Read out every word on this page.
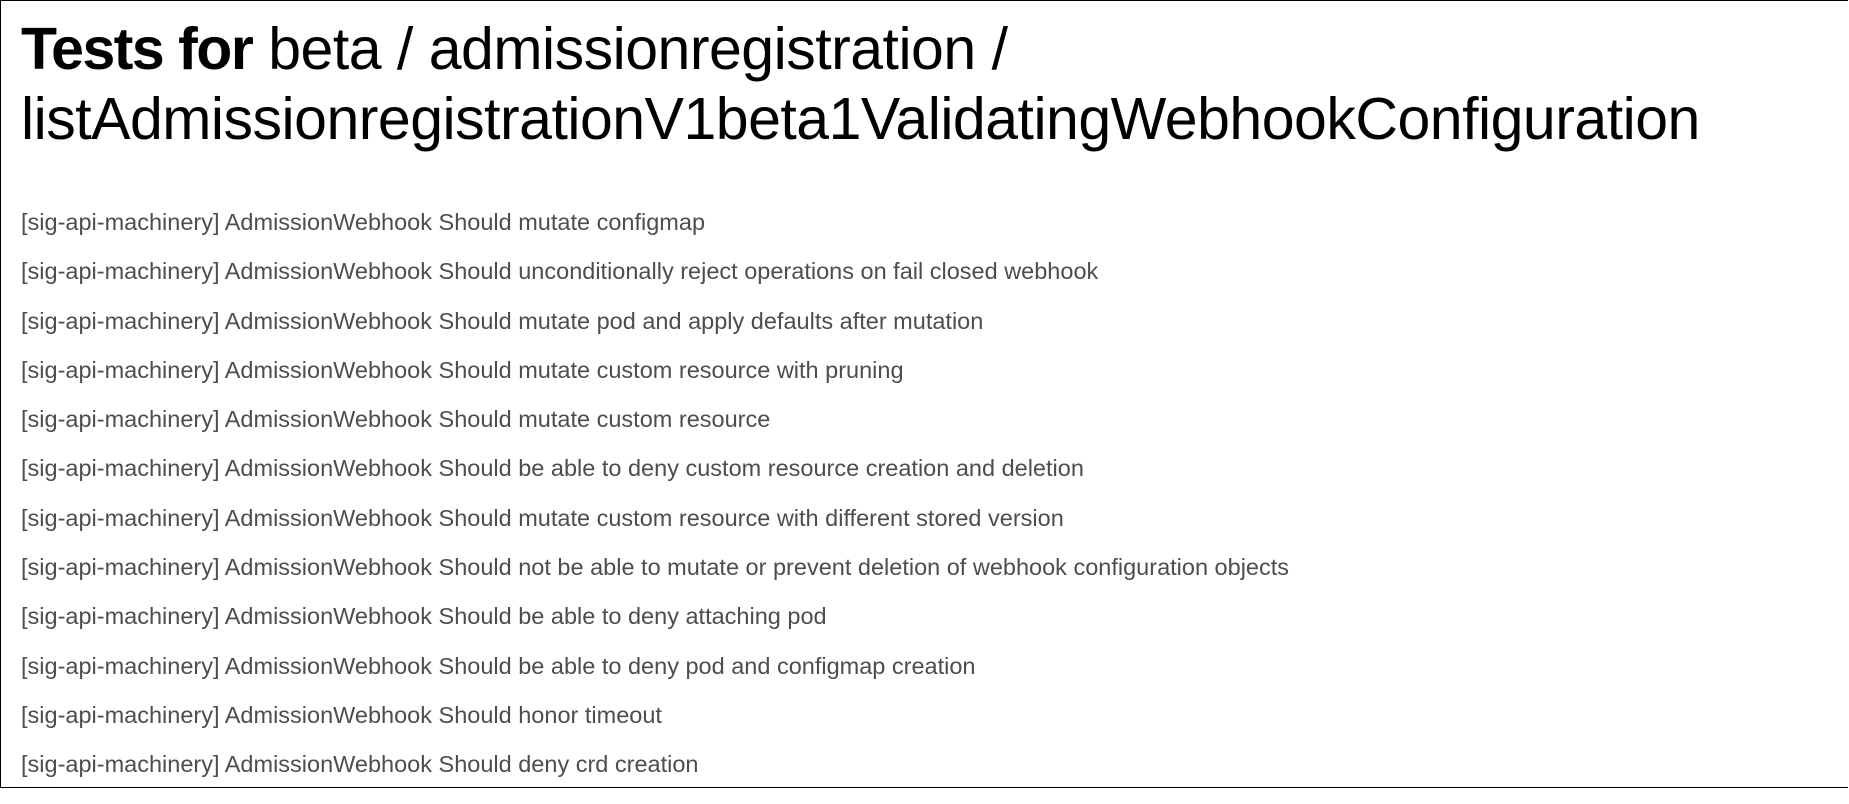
Tests for beta / admissionregistration / listAdmissionregistrationV1beta1ValidatingWebhookConfiguration
[sig-api-machinery] AdmissionWebhook Should mutate configmap
[sig-api-machinery] AdmissionWebhook Should unconditionally reject operations on fail closed webhook
[sig-api-machinery] AdmissionWebhook Should mutate pod and apply defaults after mutation
[sig-api-machinery] AdmissionWebhook Should mutate custom resource with pruning
[sig-api-machinery] AdmissionWebhook Should mutate custom resource
[sig-api-machinery] AdmissionWebhook Should be able to deny custom resource creation and deletion
[sig-api-machinery] AdmissionWebhook Should mutate custom resource with different stored version
[sig-api-machinery] AdmissionWebhook Should not be able to mutate or prevent deletion of webhook configuration objects
[sig-api-machinery] AdmissionWebhook Should be able to deny attaching pod
[sig-api-machinery] AdmissionWebhook Should be able to deny pod and configmap creation
[sig-api-machinery] AdmissionWebhook Should honor timeout
[sig-api-machinery] AdmissionWebhook Should deny crd creation
